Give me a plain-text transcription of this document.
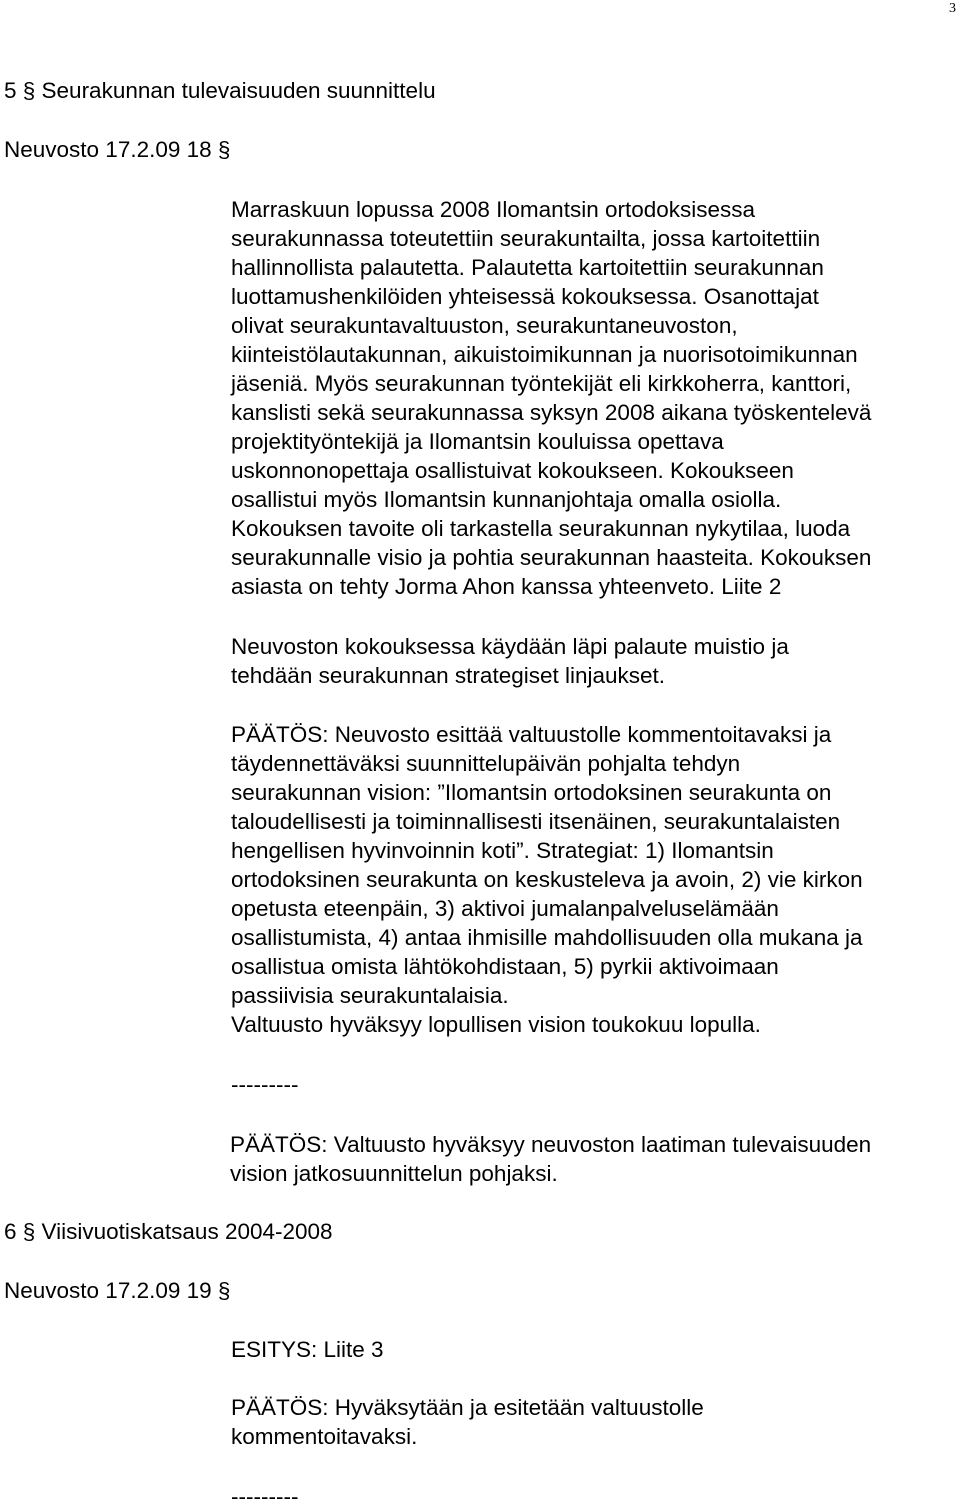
3
5 § Seurakunnan tulevaisuuden suunnittelu
Neuvosto 17.2.09 18 §
Marraskuun lopussa 2008 Ilomantsin ortodoksisessa
seurakunnassa toteutettiin seurakuntailta, jossa kartoitettiin
hallinnollista palautetta. Palautetta kartoitettiin seurakunnan
luottamushenkilöiden yhteisessä kokouksessa. Osanottajat
olivat seurakuntavaltuuston, seurakuntaneuvoston,
kiinteistölautakunnan, aikuistoimikunnan ja nuorisotoimikunnan
jäseniä. Myös seurakunnan työntekijät eli kirkkoherra, kanttori,
kanslisti sekä seurakunnassa syksyn 2008 aikana työskentelevä
projektityöntekijä ja Ilomantsin kouluissa opettava
uskonnonopettaja osallistuivat kokoukseen. Kokoukseen
osallistui myös Ilomantsin kunnanjohtaja omalla osiolla.
Kokouksen tavoite oli tarkastella seurakunnan nykytilaa, luoda
seurakunnalle visio ja pohtia seurakunnan haasteita. Kokouksen
asiasta on tehty Jorma Ahon kanssa yhteenveto. Liite 2
Neuvoston kokouksessa käydään läpi palaute muistio ja
tehdään seurakunnan strategiset linjaukset.
PÄÄTÖS: Neuvosto esittää valtuustolle kommentoitavaksi ja
täydennettäväksi suunnittelupäivän pohjalta tehdyn
seurakunnan vision: ”Ilomantsin ortodoksinen seurakunta on
taloudellisesti ja toiminnallisesti itsenäinen, seurakuntalaisten
hengellisen hyvinvoinnin koti”. Strategiat: 1) Ilomantsin
ortodoksinen seurakunta on keskusteleva ja avoin, 2) vie kirkon
opetusta eteenpäin, 3) aktivoi jumalanpalveluselämään
osallistumista, 4) antaa ihmisille mahdollisuuden olla mukana ja
osallistua omista lähtökohdistaan, 5) pyrkii aktivoimaan
passiivisia seurakuntalaisia.
Valtuusto hyväksyy lopullisen vision toukokuu lopulla.
---------
PÄÄTÖS: Valtuusto hyväksyy neuvoston laatiman tulevaisuuden
vision jatkosuunnittelun pohjaksi.
6 § Viisivuotiskatsaus 2004-2008
Neuvosto 17.2.09 19 §
ESITYS: Liite 3
PÄÄTÖS: Hyväksytään ja esitetään valtuustolle
kommentoitavaksi.
---------
